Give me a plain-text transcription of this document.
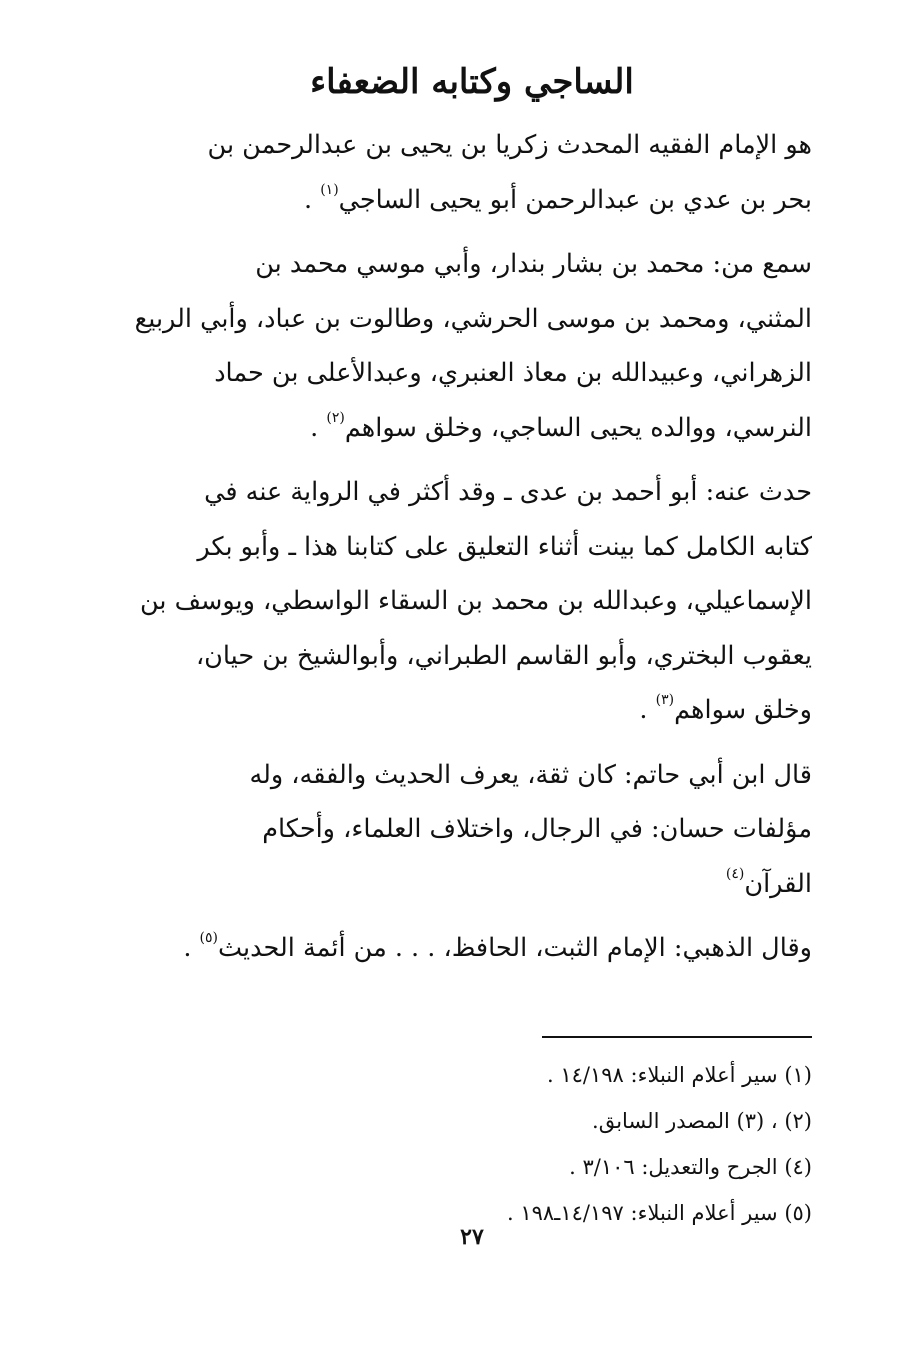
الساجي وكتابه الضعفاء

هو الإمام الفقيه المحدث زكريا بن يحيى بن عبدالرحمن بن
بحر بن عدي بن عبدالرحمن أبو يحيى الساجي$^{(١)}$ .

سمع من: محمد بن بشار بندار، وأبي موسي محمد بن
المثني، ومحمد بن موسى الحرشي، وطالوت بن عباد، وأبي الربيع
الزهراني، وعبيدالله بن معاذ العنبري، وعبدالأعلى بن حماد
النرسي، ووالده يحيى الساجي، وخلق سواهم$^{(٢)}$ .

حدث عنه: أبو أحمد بن عدى ـ وقد أكثر في الرواية عنه في
كتابه الكامل كما بينت أثناء التعليق على كتابنا هذا ـ وأبو بكر
الإسماعيلي، وعبدالله بن محمد بن السقاء الواسطي، ويوسف بن
يعقوب البختري، وأبو القاسم الطبراني، وأبوالشيخ بن حيان،
وخلق سواهم$^{(٣)}$ .

قال ابن أبي حاتم: كان ثقة، يعرف الحديث والفقه، وله
مؤلفات حسان: في الرجال، واختلاف العلماء، وأحكام
القرآن$^{(٤)}$

وقال الذهبي: الإمام الثبت، الحافظ، . . . من أئمة الحديث$^{(٥)}$ .

(١) سير أعلام النبلاء: ١٤/١٩٨ .

(٢) ، (٣) المصدر السابق.

(٤) الجرح والتعديل: ٣/١٠٦ .

(٥) سير أعلام النبلاء: ١٤/١٩٧ـ١٩٨ .

٢٧
